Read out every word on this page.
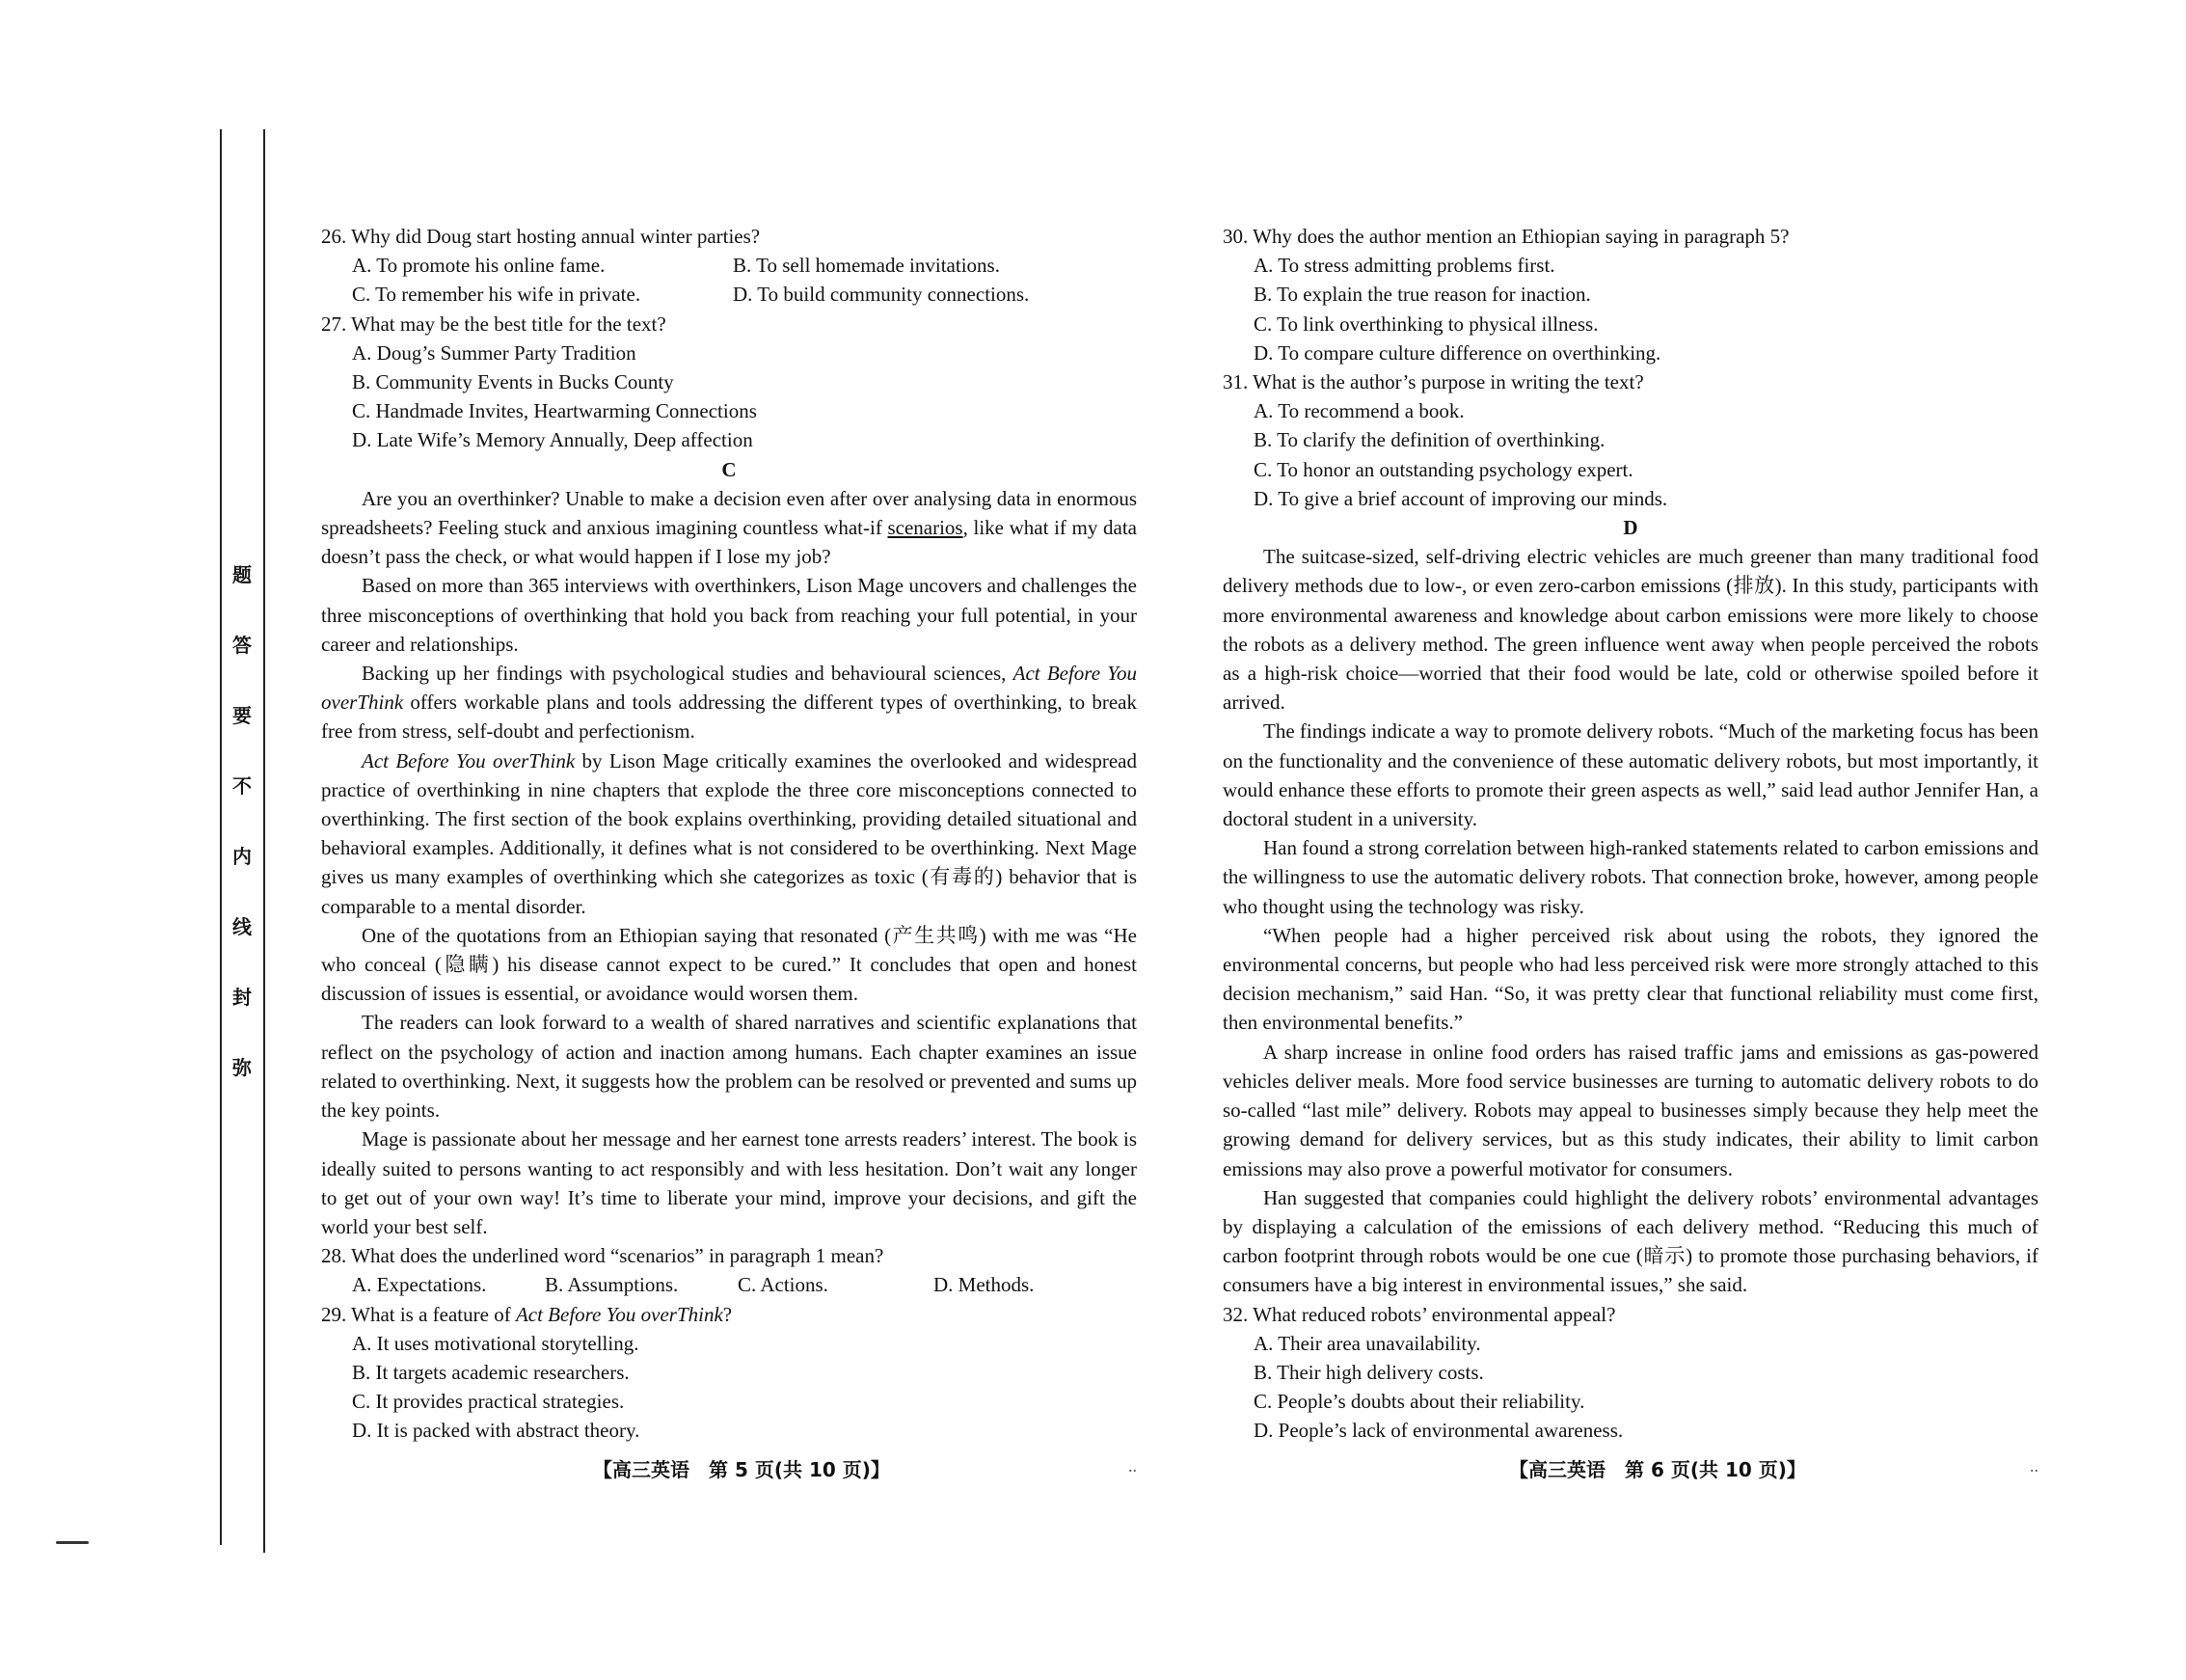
题
答
要
不
内
线
封
弥

26. Why did Doug start hosting annual winter parties?

A. To promote his online fame.	B. To sell homemade invitations.
C. To remember his wife in private.	D. To build community connections.

27. What may be the best title for the text?

A. Doug’s Summer Party Tradition

B. Community Events in Bucks County

C. Handmade Invites, Heartwarming Connections

D. Late Wife’s Memory Annually, Deep affection

C

Are you an overthinker? Unable to make a decision even after over analysing data in enormous spreadsheets? Feeling stuck and anxious imagining countless what-if scenarios, like what if my data doesn’t pass the check, or what would happen if I lose my job?

Based on more than 365 interviews with overthinkers, Lison Mage uncovers and challenges the three misconceptions of overthinking that hold you back from reaching your full potential, in your career and relationships.

Backing up her findings with psychological studies and behavioural sciences, Act Before You overThink offers workable plans and tools addressing the different types of overthinking, to break free from stress, self-doubt and perfectionism.

Act Before You overThink by Lison Mage critically examines the overlooked and widespread practice of overthinking in nine chapters that explode the three core misconceptions connected to overthinking. The first section of the book explains overthinking, providing detailed situational and behavioral examples. Additionally, it defines what is not considered to be overthinking. Next Mage gives us many examples of overthinking which she categorizes as toxic (有毒的) behavior that is comparable to a mental disorder.

One of the quotations from an Ethiopian saying that resonated (产生共鸣) with me was “He who conceal (隐瞒) his disease cannot expect to be cured.” It concludes that open and honest discussion of issues is essential, or avoidance would worsen them.

The readers can look forward to a wealth of shared narratives and scientific explanations that reflect on the psychology of action and inaction among humans. Each chapter examines an issue related to overthinking. Next, it suggests how the problem can be resolved or prevented and sums up the key points.

Mage is passionate about her message and her earnest tone arrests readers’ interest. The book is ideally suited to persons wanting to act responsibly and with less hesitation. Don’t wait any longer to get out of your own way! It’s time to liberate your mind, improve your decisions, and gift the world your best self.

28. What does the underlined word “scenarios” in paragraph 1 mean?

A. Expectations.	B. Assumptions.	C. Actions.	D. Methods.

29. What is a feature of Act Before You overThink?

A. It uses motivational storytelling.

B. It targets academic researchers.

C. It provides practical strategies.

D. It is packed with abstract theory.

30. Why does the author mention an Ethiopian saying in paragraph 5?

A. To stress admitting problems first.

B. To explain the true reason for inaction.

C. To link overthinking to physical illness.

D. To compare culture difference on overthinking.

31. What is the author’s purpose in writing the text?

A. To recommend a book.

B. To clarify the definition of overthinking.

C. To honor an outstanding psychology expert.

D. To give a brief account of improving our minds.

D

The suitcase-sized, self-driving electric vehicles are much greener than many traditional food delivery methods due to low-, or even zero-carbon emissions (排放). In this study, participants with more environmental awareness and knowledge about carbon emissions were more likely to choose the robots as a delivery method. The green influence went away when people perceived the robots as a high-risk choice—worried that their food would be late, cold or otherwise spoiled before it arrived.

The findings indicate a way to promote delivery robots. “Much of the marketing focus has been on the functionality and the convenience of these automatic delivery robots, but most importantly, it would enhance these efforts to promote their green aspects as well,” said lead author Jennifer Han, a doctoral student in a university.

Han found a strong correlation between high-ranked statements related to carbon emissions and the willingness to use the automatic delivery robots. That connection broke, however, among people who thought using the technology was risky.

“When people had a higher perceived risk about using the robots, they ignored the environmental concerns, but people who had less perceived risk were more strongly attached to this decision mechanism,” said Han. “So, it was pretty clear that functional reliability must come first, then environmental benefits.”

A sharp increase in online food orders has raised traffic jams and emissions as gas-powered vehicles deliver meals. More food service businesses are turning to automatic delivery robots to do so-called “last mile” delivery. Robots may appeal to businesses simply because they help meet the growing demand for delivery services, but as this study indicates, their ability to limit carbon emissions may also prove a powerful motivator for consumers.

Han suggested that companies could highlight the delivery robots’ environmental advantages by displaying a calculation of the emissions of each delivery method. “Reducing this much of carbon footprint through robots would be one cue (暗示) to promote those purchasing behaviors, if consumers have a big interest in environmental issues,” she said.

32. What reduced robots’ environmental appeal?

A. Their area unavailability.

B. Their high delivery costs.

C. People’s doubts about their reliability.

D. People’s lack of environmental awareness.

【高三英语　第 5 页(共 10 页)】	【高三英语　第 6 页(共 10 页)】
..	..
